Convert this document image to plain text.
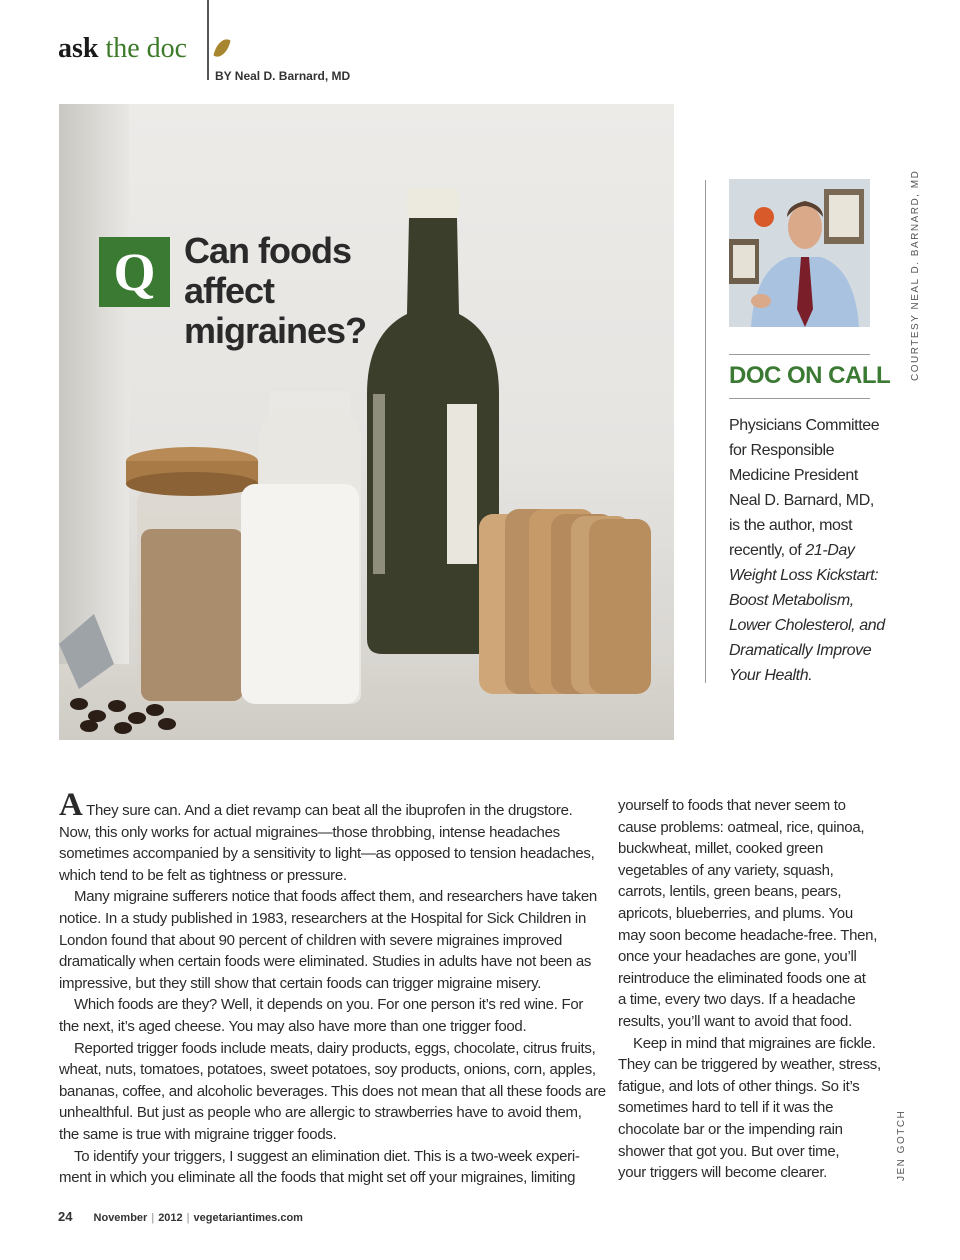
ask the doc
BY Neal D. Barnard, MD
Q Can foods
affect
migraines?
DOC ON CALL
Physicians Committee
for Responsible
Medicine President
Neal D. Barnard, MD,
is the author, most
recently, of 21-Day
Weight Loss Kickstart:
Boost Metabolism,
Lower Cholesterol, and
Dramatically Improve
Your Health.
COURTESY NEAL D. BARNARD, MD
JEN GOTCH
A They sure can. And a diet revamp can beat all the ibuprofen in the drugstore.
Now, this only works for actual migraines—those throbbing, intense headaches
sometimes accompanied by a sensitivity to light—as opposed to tension headaches,
which tend to be felt as tightness or pressure.
Many migraine sufferers notice that foods affect them, and researchers have taken
notice. In a study published in 1983, researchers at the Hospital for Sick Children in
London found that about 90 percent of children with severe migraines improved
dramatically when certain foods were eliminated. Studies in adults have not been as
impressive, but they still show that certain foods can trigger migraine misery.
Which foods are they? Well, it depends on you. For one person it’s red wine. For
the next, it’s aged cheese. You may also have more than one trigger food.
Reported trigger foods include meats, dairy products, eggs, chocolate, citrus fruits,
wheat, nuts, tomatoes, potatoes, sweet potatoes, soy products, onions, corn, apples,
bananas, coffee, and alcoholic beverages. This does not mean that all these foods are
unhealthful. But just as people who are allergic to strawberries have to avoid them,
the same is true with migraine trigger foods.
To identify your triggers, I suggest an elimination diet. This is a two-week experi-
ment in which you eliminate all the foods that might set off your migraines, limiting
yourself to foods that never seem to
cause problems: oatmeal, rice, quinoa,
buckwheat, millet, cooked green
vegetables of any variety, squash,
carrots, lentils, green beans, pears,
apricots, blueberries, and plums. You
may soon become headache-free. Then,
once your headaches are gone, you’ll
reintroduce the eliminated foods one at
a time, every two days. If a headache
results, you’ll want to avoid that food.
Keep in mind that migraines are fickle.
They can be triggered by weather, stress,
fatigue, and lots of other things. So it’s
sometimes hard to tell if it was the
chocolate bar or the impending rain
shower that got you. But over time,
your triggers will become clearer.
24 November | 2012 | vegetariantimes.com
